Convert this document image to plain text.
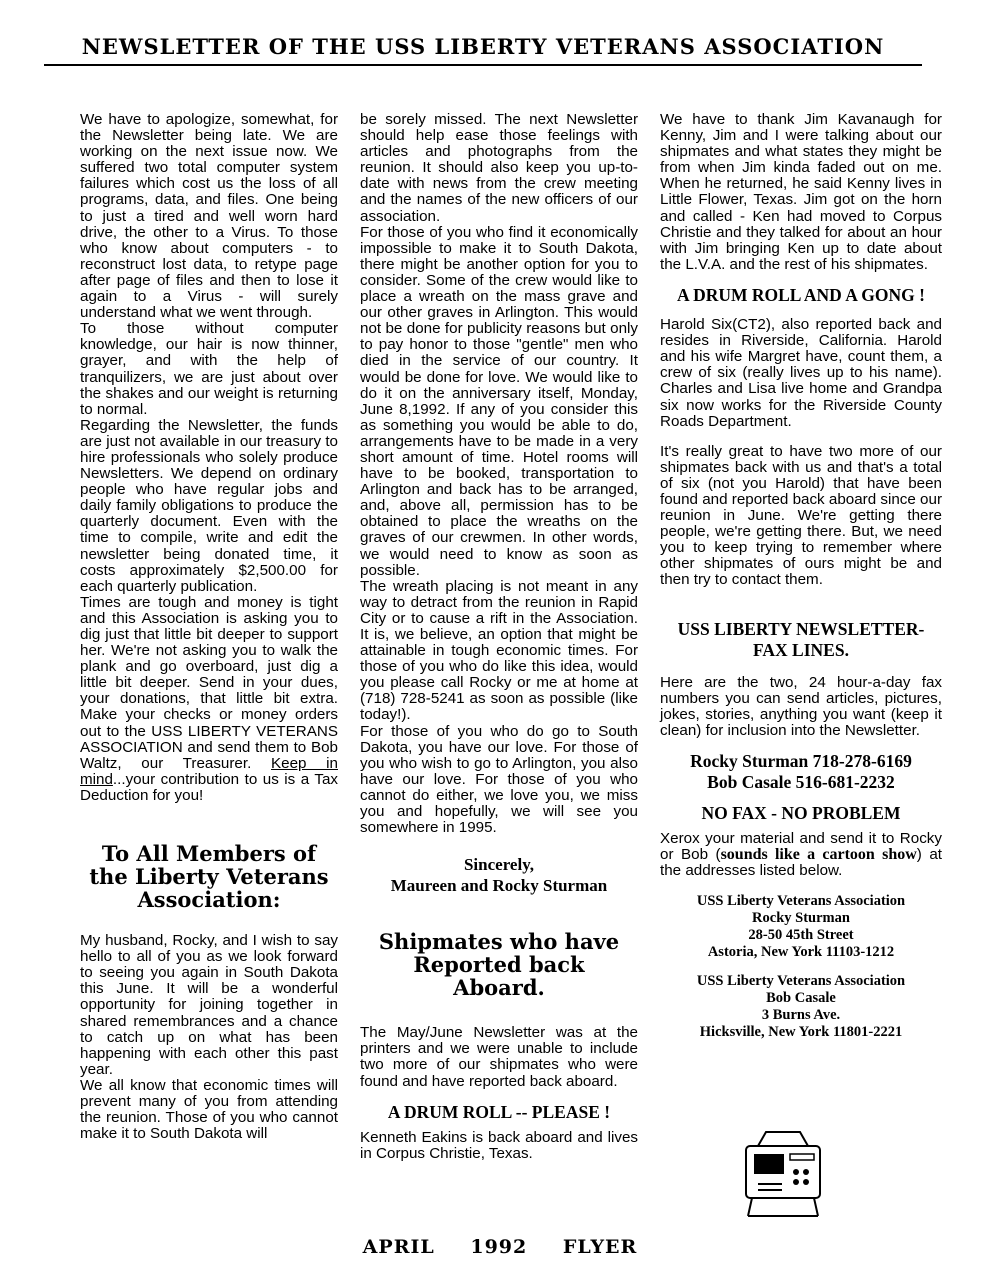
NEWSLETTER OF THE USS LIBERTY VETERANS ASSOCIATION

We have to apologize, somewhat, for the Newsletter being late. We are working on the next issue now. We suffered two total computer system failures which cost us the loss of all programs, data, and files. One being to just a tired and well worn hard drive, the other to a Virus. To those who know about computers - to reconstruct lost data, to retype page after page of files and then to lose it again to a Virus - will surely understand what we went through.

To those without computer knowledge, our hair is now thinner, grayer, and with the help of tranquilizers, we are just about over the shakes and our weight is returning to normal.

Regarding the Newsletter, the funds are just not available in our treasury to hire professionals who solely produce Newsletters. We depend on ordinary people who have regular jobs and daily family obligations to produce the quarterly document. Even with the time to compile, write and edit the newsletter being donated time, it costs approximately $2,500.00 for each quarterly publication.

Times are tough and money is tight and this Association is asking you to dig just that little bit deeper to support her. We're not asking you to walk the plank and go overboard, just dig a little bit deeper. Send in your dues, your donations, that little bit extra. Make your checks or money orders out to the USS LIBERTY VETERANS ASSOCIATION and send them to Bob Waltz, our Treasurer. Keep in mind...your contribution to us is a Tax Deduction for you!

To All Members of the Liberty Veterans Association:

My husband, Rocky, and I wish to say hello to all of you as we look forward to seeing you again in South Dakota this June. It will be a wonderful opportunity for joining together in shared remembrances and a chance to catch up on what has been happening with each other this past year.

We all know that economic times will prevent many of you from attending the reunion. Those of you who cannot make it to South Dakota will

be sorely missed. The next Newsletter should help ease those feelings with articles and photographs from the reunion. It should also keep you up-to-date with news from the crew meeting and the names of the new officers of our association.

For those of you who find it economically impossible to make it to South Dakota, there might be another option for you to consider. Some of the crew would like to place a wreath on the mass grave and our other graves in Arlington. This would not be done for publicity reasons but only to pay honor to those "gentle" men who died in the service of our country. It would be done for love. We would like to do it on the anniversary itself, Monday, June 8,1992. If any of you consider this as something you would be able to do, arrangements have to be made in a very short amount of time. Hotel rooms will have to be booked, transportation to Arlington and back has to be arranged, and, above all, permission has to be obtained to place the wreaths on the graves of our crewmen. In other words, we would need to know as soon as possible.

The wreath placing is not meant in any way to detract from the reunion in Rapid City or to cause a rift in the Association. It is, we believe, an option that might be attainable in tough economic times. For those of you who do like this idea, would you please call Rocky or me at home at (718) 728-5241 as soon as possible (like today!).

For those of you who do go to South Dakota, you have our love. For those of you who wish to go to Arlington, you also have our love. For those of you who cannot do either, we love you, we miss you and hopefully, we will see you somewhere in 1995.

Sincerely,
Maureen and Rocky Sturman
Shipmates who have Reported back Aboard.

The May/June Newsletter was at the printers and we were unable to include two more of our shipmates who were found and have reported back aboard.

A DRUM ROLL -- PLEASE !

Kenneth Eakins is back aboard and lives in Corpus Christie, Texas.

We have to thank Jim Kavanaugh for Kenny, Jim and I were talking about our shipmates and what states they might be from when Jim kinda faded out on me. When he returned, he said Kenny lives in Little Flower, Texas. Jim got on the horn and called - Ken had moved to Corpus Christie and they talked for about an hour with Jim bringing Ken up to date about the L.V.A. and the rest of his shipmates.

A DRUM ROLL AND A GONG !

Harold Six(CT2), also reported back and resides in Riverside, California. Harold and his wife Margret have, count them, a crew of six (really lives up to his name). Charles and Lisa live home and Grandpa six now works for the Riverside County Roads Department.

It's really great to have two more of our shipmates back with us and that's a total of six (not you Harold) that have been found and reported back aboard since our reunion in June. We're getting there people, we're getting there. But, we need you to keep trying to remember where other shipmates of ours might be and then try to contact them.

USS LIBERTY NEWSLETTER- FAX LINES.

Here are the two, 24 hour-a-day fax numbers you can send articles, pictures, jokes, stories, anything you want (keep it clean) for inclusion into the Newsletter.

Rocky Sturman 718-278-6169
Bob Casale 516-681-2232
NO FAX - NO PROBLEM

Xerox your material and send it to Rocky or Bob (sounds like a cartoon show) at the addresses listed below.

USS Liberty Veterans Association
Rocky Sturman
28-50 45th Street
Astoria, New York 11103-1212
USS Liberty Veterans Association
Bob Casale
3 Burns Ave.
Hicksville, New York 11801-2221
APRIL 1992 FLYER
